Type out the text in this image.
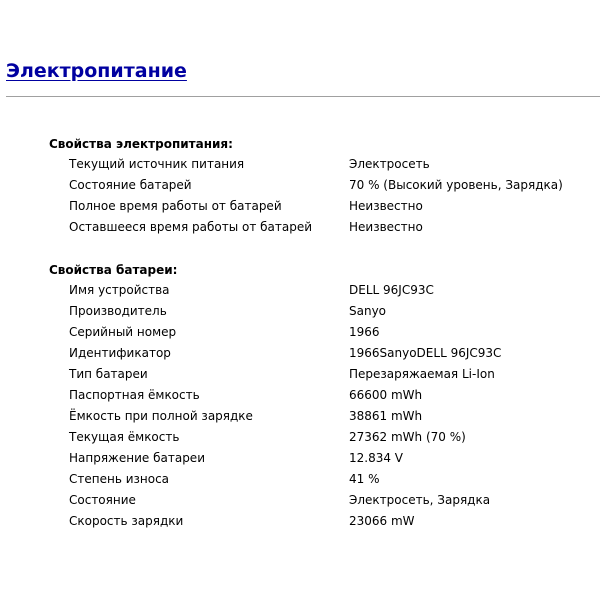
Электропитание
Свойства электропитания:
Текущий источник питания	Электросеть
Состояние батарей	70 % (Высокий уровень, Зарядка)
Полное время работы от батарей	Неизвестно
Оставшееся время работы от батарей	Неизвестно
Свойства батареи:
Имя устройства	DELL 96JC93C
Производитель	Sanyo
Серийный номер	1966
Идентификатор	1966SanyoDELL 96JC93C
Тип батареи	Перезаряжаемая Li-Ion
Паспортная ёмкость	66600 mWh
Ёмкость при полной зарядке	38861 mWh
Текущая ёмкость	27362 mWh (70 %)
Напряжение батареи	12.834 V
Степень износа	41 %
Состояние	Электросеть, Зарядка
Скорость зарядки	23066 mW
